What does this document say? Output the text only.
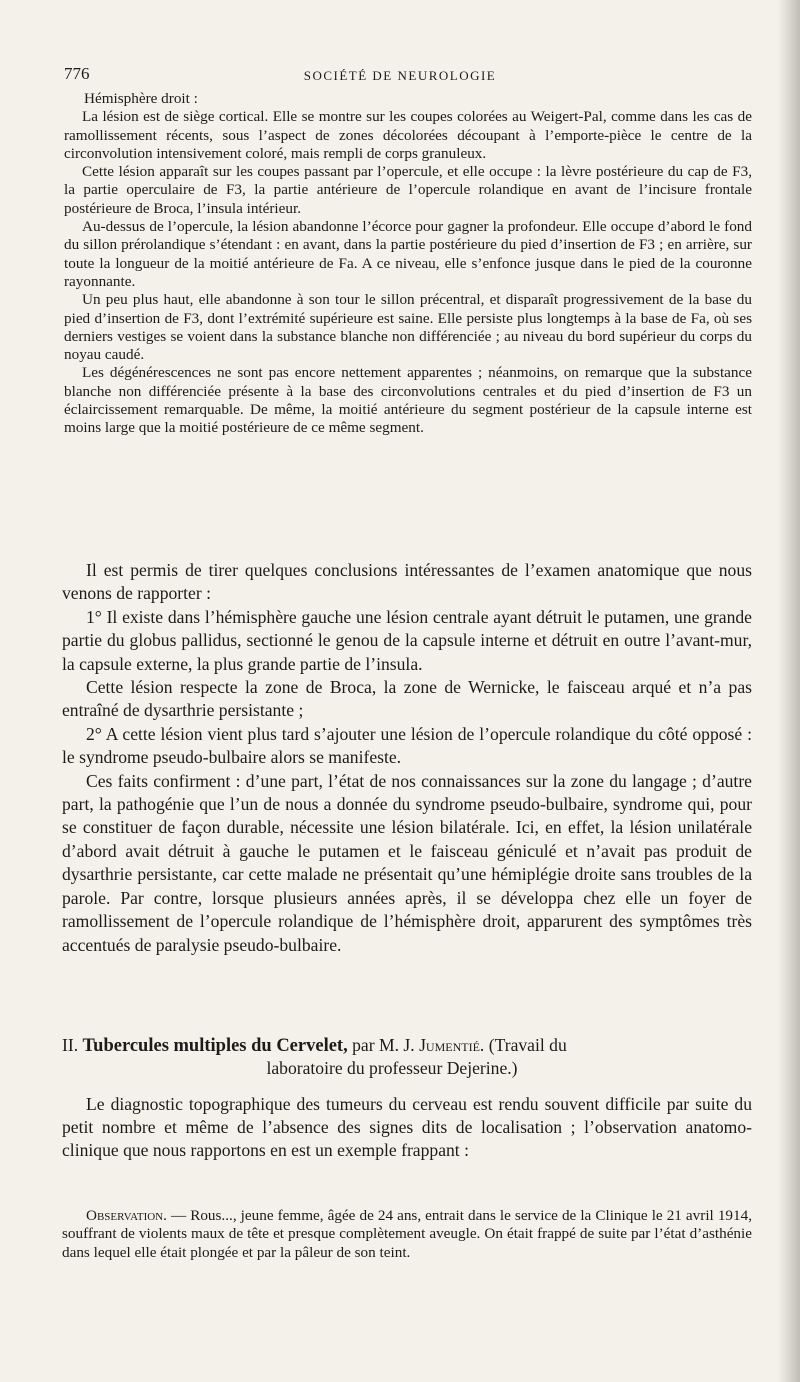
776	SOCIÉTÉ DE NEUROLOGIE

Hémisphère droit :

La lésion est de siège cortical. Elle se montre sur les coupes colorées au Weigert-Pal, comme dans les cas de ramollissement récents, sous l’aspect de zones décolorées découpant à l’emporte-pièce le centre de la circonvolution intensivement coloré, mais rempli de corps granuleux.

Cette lésion apparaît sur les coupes passant par l’opercule, et elle occupe : la lèvre postérieure du cap de F3, la partie operculaire de F3, la partie antérieure de l’opercule rolandique en avant de l’incisure frontale postérieure de Broca, l’insula intérieur.

Au-dessus de l’opercule, la lésion abandonne l’écorce pour gagner la profondeur. Elle occupe d’abord le fond du sillon prérolandique s’étendant : en avant, dans la partie postérieure du pied d’insertion de F3 ; en arrière, sur toute la longueur de la moitié antérieure de Fa. A ce niveau, elle s’enfonce jusque dans le pied de la couronne rayonnante.

Un peu plus haut, elle abandonne à son tour le sillon précentral, et disparaît progressivement de la base du pied d’insertion de F3, dont l’extrémité supérieure est saine. Elle persiste plus longtemps à la base de Fa, où ses derniers vestiges se voient dans la substance blanche non différenciée ; au niveau du bord supérieur du corps du noyau caudé.

Les dégénérescences ne sont pas encore nettement apparentes ; néanmoins, on remarque que la substance blanche non différenciée présente à la base des circonvolutions centrales et du pied d’insertion de F3 un éclaircissement remarquable. De même, la moitié antérieure du segment postérieur de la capsule interne est moins large que la moitié postérieure de ce même segment.

Il est permis de tirer quelques conclusions intéressantes de l’examen anatomique que nous venons de rapporter :

1° Il existe dans l’hémisphère gauche une lésion centrale ayant détruit le putamen, une grande partie du globus pallidus, sectionné le genou de la capsule interne et détruit en outre l’avant-mur, la capsule externe, la plus grande partie de l’insula.

Cette lésion respecte la zone de Broca, la zone de Wernicke, le faisceau arqué et n’a pas entraîné de dysarthrie persistante ;

2° A cette lésion vient plus tard s’ajouter une lésion de l’opercule rolandique du côté opposé : le syndrome pseudo-bulbaire alors se manifeste.

Ces faits confirment : d’une part, l’état de nos connaissances sur la zone du langage ; d’autre part, la pathogénie que l’un de nous a donnée du syndrome pseudo-bulbaire, syndrome qui, pour se constituer de façon durable, nécessite une lésion bilatérale. Ici, en effet, la lésion unilatérale d’abord avait détruit à gauche le putamen et le faisceau géniculé et n’avait pas produit de dysarthrie persistante, car cette malade ne présentait qu’une hémiplégie droite sans troubles de la parole. Par contre, lorsque plusieurs années après, il se développa chez elle un foyer de ramollissement de l’opercule rolandique de l’hémisphère droit, apparurent des symptômes très accentués de paralysie pseudo-bulbaire.

II. Tubercules multiples du Cervelet, par M. J. Jumentié. (Travail du
laboratoire du professeur Dejerine.)

Le diagnostic topographique des tumeurs du cerveau est rendu souvent difficile par suite du petit nombre et même de l’absence des signes dits de localisation ; l’observation anatomo-clinique que nous rapportons en est un exemple frappant :

Observation. — Rous..., jeune femme, âgée de 24 ans, entrait dans le service de la Clinique le 21 avril 1914, souffrant de violents maux de tête et presque complètement aveugle. On était frappé de suite par l’état d’asthénie dans lequel elle était plongée et par la pâleur de son teint.
